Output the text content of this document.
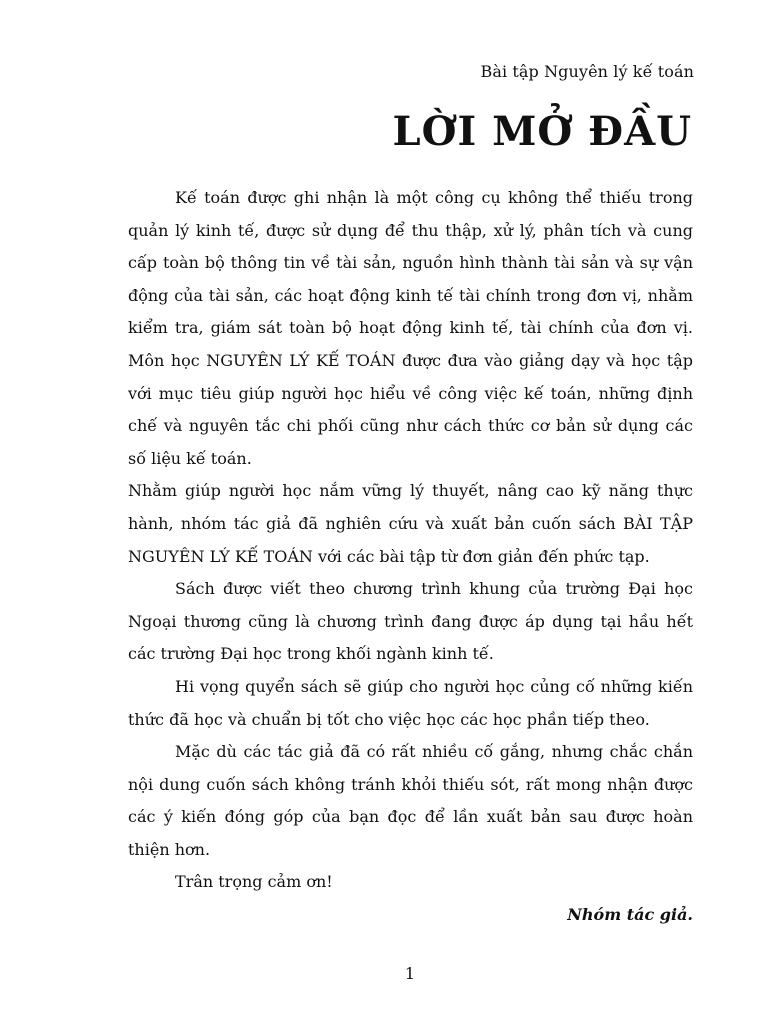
Bài tập Nguyên lý kế toán
LỜI MỞ ĐẦU

Kế toán được ghi nhận là một công cụ không thể thiếu trong quản lý kinh tế, được sử dụng để thu thập, xử lý, phân tích và cung cấp toàn bộ thông tin về tài sản, nguồn hình thành tài sản và sự vận động của tài sản, các hoạt động kinh tế tài chính trong đơn vị, nhằm kiểm tra, giám sát toàn bộ hoạt động kinh tế, tài chính của đơn vị. Môn học NGUYÊN LÝ KẾ TOÁN được đưa vào giảng dạy và học tập với mục tiêu giúp người học hiểu về công việc kế toán, những định chế và nguyên tắc chi phối cũng như cách thức cơ bản sử dụng các số liệu kế toán.

Nhằm giúp người học nắm vững lý thuyết, nâng cao kỹ năng thực hành, nhóm tác giả đã nghiên cứu và xuất bản cuốn sách BÀI TẬP NGUYÊN LÝ KẾ TOÁN với các bài tập từ đơn giản đến phức tạp.

Sách được viết theo chương trình khung của trường Đại học Ngoại thương cũng là chương trình đang được áp dụng tại hầu hết các trường Đại học trong khối ngành kinh tế.

Hi vọng quyển sách sẽ giúp cho người học củng cố những kiến thức đã học và chuẩn bị tốt cho việc học các học phần tiếp theo.

Mặc dù các tác giả đã có rất nhiều cố gắng, nhưng chắc chắn nội dung cuốn sách không tránh khỏi thiếu sót, rất mong nhận được các ý kiến đóng góp của bạn đọc để lần xuất bản sau được hoàn thiện hơn.

Trân trọng cảm ơn!

Nhóm tác giả.

1
